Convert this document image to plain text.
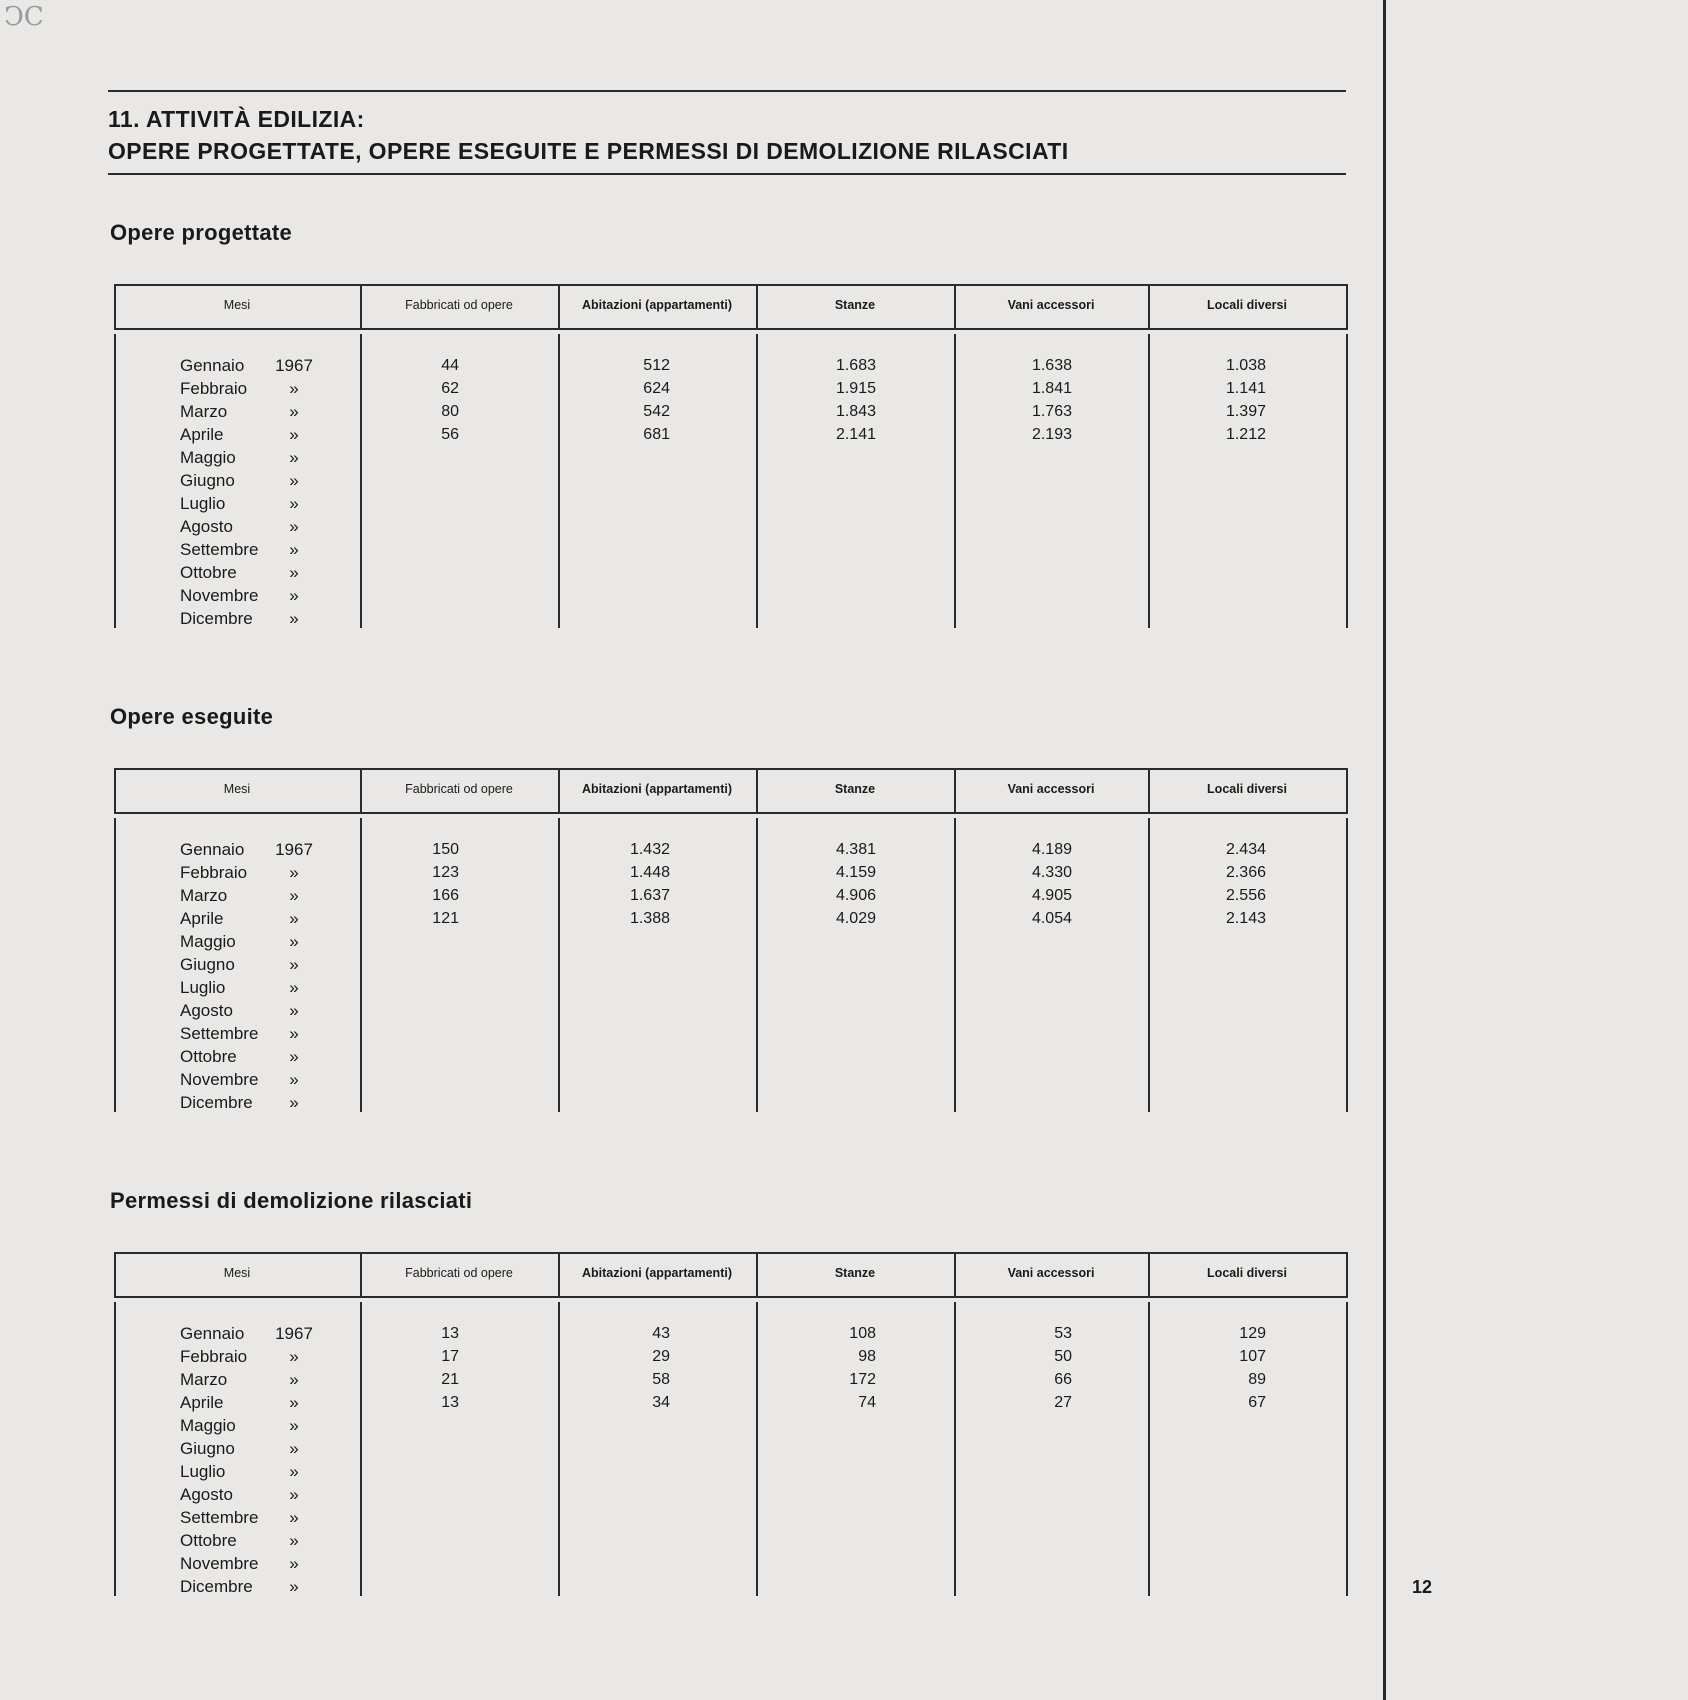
ϽC
11. ATTIVITÀ EDILIZIA:
OPERE PROGETTATE, OPERE ESEGUITE E PERMESSI DI DEMOLIZIONE RILASCIATI
Opere progettate
Mesi	Fabbricati od opere	Abitazioni (appartamenti)	Stanze	Vani accessori	Locali diversi
Gennaio	1967	44	512	1.683	1.638	1.038
Febbraio	»	62	624	1.915	1.841	1.141
Marzo	»	80	542	1.843	1.763	1.397
Aprile	»	56	681	2.141	2.193	1.212
Maggio	»
Giugno	»
Luglio	»
Agosto	»
Settembre	»
Ottobre	»
Novembre	»
Dicembre	»
Opere eseguite
Mesi	Fabbricati od opere	Abitazioni (appartamenti)	Stanze	Vani accessori	Locali diversi
Gennaio	1967	150	1.432	4.381	4.189	2.434
Febbraio	»	123	1.448	4.159	4.330	2.366
Marzo	»	166	1.637	4.906	4.905	2.556
Aprile	»	121	1.388	4.029	4.054	2.143
Maggio	»
Giugno	»
Luglio	»
Agosto	»
Settembre	»
Ottobre	»
Novembre	»
Dicembre	»
Permessi di demolizione rilasciati
Mesi	Fabbricati od opere	Abitazioni (appartamenti)	Stanze	Vani accessori	Locali diversi
Gennaio	1967	13	43	108	53	129
Febbraio	»	17	29	98	50	107
Marzo	»	21	58	172	66	89
Aprile	»	13	34	74	27	67
Maggio	»
Giugno	»
Luglio	»
Agosto	»
Settembre	»
Ottobre	»
Novembre	»
Dicembre	»	12
